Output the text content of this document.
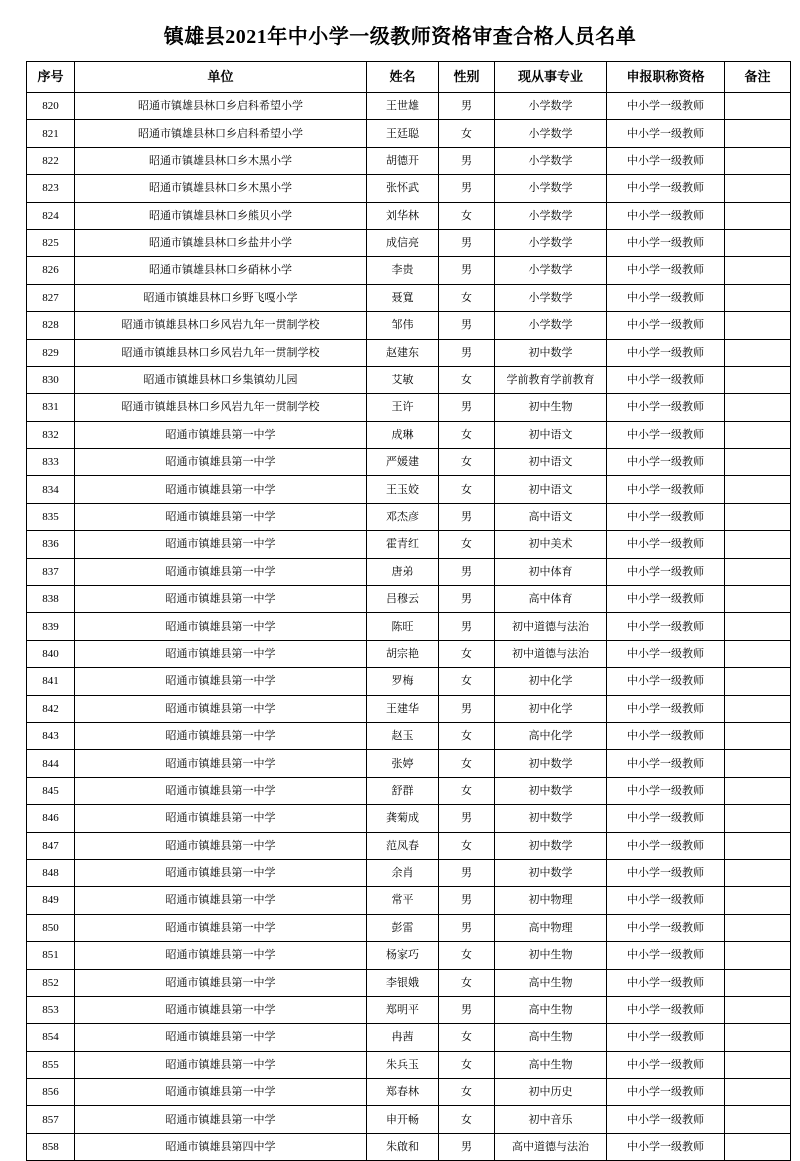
镇雄县2021年中小学一级教师资格审查合格人员名单
序号	单位	姓名	性别	现从事专业	申报职称资格	备注
820	昭通市镇雄县林口乡启科希望小学	王世雄	男	小学数学	中小学一级教师	
821	昭通市镇雄县林口乡启科希望小学	王廷聪	女	小学数学	中小学一级教师	
822	昭通市镇雄县林口乡木黑小学	胡德开	男	小学数学	中小学一级教师	
823	昭通市镇雄县林口乡木黑小学	张怀武	男	小学数学	中小学一级教师	
824	昭通市镇雄县林口乡熊贝小学	刘华林	女	小学数学	中小学一级教师	
825	昭通市镇雄县林口乡盐井小学	成信亮	男	小学数学	中小学一级教师	
826	昭通市镇雄县林口乡硝林小学	李贵	男	小学数学	中小学一级教师	
827	昭通市镇雄县林口乡野飞嘎小学	聂寬	女	小学数学	中小学一级教师	
828	昭通市镇雄县林口乡风岩九年一贯制学校	邹伟	男	小学数学	中小学一级教师	
829	昭通市镇雄县林口乡风岩九年一贯制学校	赵建东	男	初中数学	中小学一级教师	
830	昭通市镇雄县林口乡集镇幼儿园	艾敏	女	学前教育学前教育	中小学一级教师	
831	昭通市镇雄县林口乡风岩九年一贯制学校	王许	男	初中生物	中小学一级教师	
832	昭通市镇雄县第一中学	成琳	女	初中语文	中小学一级教师	
833	昭通市镇雄县第一中学	严媛建	女	初中语文	中小学一级教师	
834	昭通市镇雄县第一中学	王玉姣	女	初中语文	中小学一级教师	
835	昭通市镇雄县第一中学	邓杰彦	男	高中语文	中小学一级教师	
836	昭通市镇雄县第一中学	霍青红	女	初中美术	中小学一级教师	
837	昭通市镇雄县第一中学	唐弟	男	初中体育	中小学一级教师	
838	昭通市镇雄县第一中学	吕穆云	男	高中体育	中小学一级教师	
839	昭通市镇雄县第一中学	陈旺	男	初中道德与法治	中小学一级教师	
840	昭通市镇雄县第一中学	胡宗艳	女	初中道德与法治	中小学一级教师	
841	昭通市镇雄县第一中学	罗梅	女	初中化学	中小学一级教师	
842	昭通市镇雄县第一中学	王建华	男	初中化学	中小学一级教师	
843	昭通市镇雄县第一中学	赵玉	女	高中化学	中小学一级教师	
844	昭通市镇雄县第一中学	张婷	女	初中数学	中小学一级教师	
845	昭通市镇雄县第一中学	舒群	女	初中数学	中小学一级教师	
846	昭通市镇雄县第一中学	龚菊成	男	初中数学	中小学一级教师	
847	昭通市镇雄县第一中学	范凤春	女	初中数学	中小学一级教师	
848	昭通市镇雄县第一中学	余肖	男	初中数学	中小学一级教师	
849	昭通市镇雄县第一中学	常平	男	初中物理	中小学一级教师	
850	昭通市镇雄县第一中学	彭雷	男	高中物理	中小学一级教师	
851	昭通市镇雄县第一中学	杨家巧	女	初中生物	中小学一级教师	
852	昭通市镇雄县第一中学	李银娥	女	高中生物	中小学一级教师	
853	昭通市镇雄县第一中学	郑明平	男	高中生物	中小学一级教师	
854	昭通市镇雄县第一中学	冉茜	女	高中生物	中小学一级教师	
855	昭通市镇雄县第一中学	朱兵玉	女	高中生物	中小学一级教师	
856	昭通市镇雄县第一中学	郑春林	女	初中历史	中小学一级教师	
857	昭通市镇雄县第一中学	申开畅	女	初中音乐	中小学一级教师	
858	昭通市镇雄县第四中学	朱啟和	男	高中道德与法治	中小学一级教师	
